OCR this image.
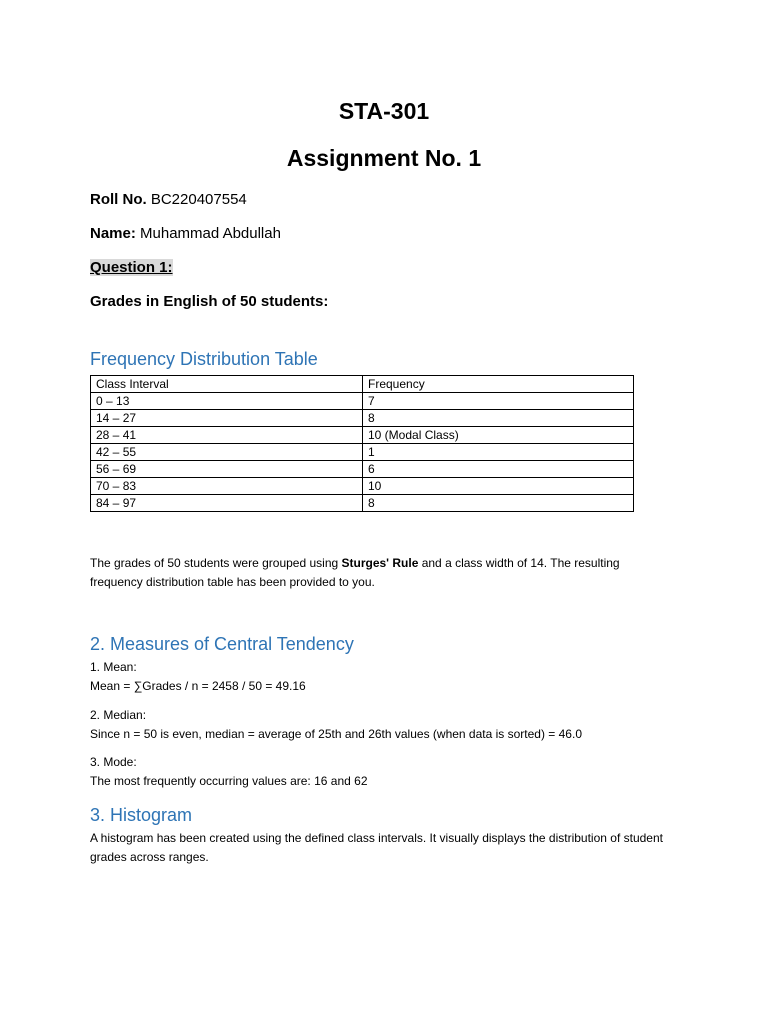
STA-301
Assignment No. 1
Roll No. BC220407554
Name: Muhammad Abdullah
Question 1:
Grades in English of 50 students:
Frequency Distribution Table
Class Interval	Frequency
0 – 13	7
14 – 27	8
28 – 41	10 (Modal Class)
42 – 55	1
56 – 69	6
70 – 83	10
84 – 97	8
The grades of 50 students were grouped using Sturges' Rule and a class width of 14. The resulting frequency distribution table has been provided to you.
2. Measures of Central Tendency
1. Mean:
Mean = ∑Grades / n = 2458 / 50 = 49.16
2. Median:
Since n = 50 is even, median = average of 25th and 26th values (when data is sorted) = 46.0
3. Mode:
The most frequently occurring values are: 16 and 62
3. Histogram
A histogram has been created using the defined class intervals. It visually displays the distribution of student grades across ranges.
